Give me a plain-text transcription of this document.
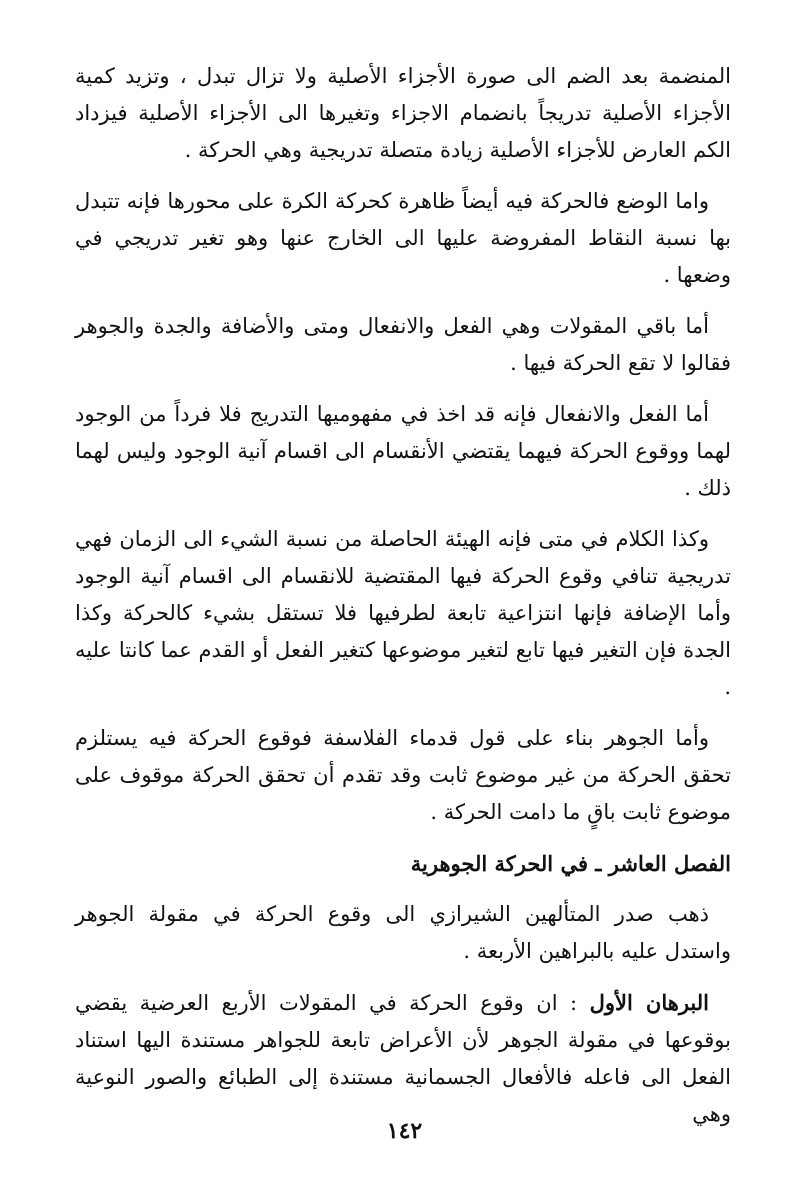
المنضمة بعد الضم الى صورة الأجزاء الأصلية ولا تزال تبدل ، وتزيد كمية الأجزاء الأصلية تدريجاً بانضمام الاجزاء وتغيرها الى الأجزاء الأصلية فيزداد الكم العارض للأجزاء الأصلية زيادة متصلة تدريجية وهي الحركة .

واما الوضع فالحركة فيه أيضاً ظاهرة كحركة الكرة على محورها فإنه تتبدل بها نسبة النقاط المفروضة عليها الى الخارج عنها وهو تغير تدريجي في وضعها .

أما باقي المقولات وهي الفعل والانفعال ومتى والأضافة والجدة والجوهر فقالوا لا تقع الحركة فيها .

أما الفعل والانفعال فإنه قد اخذ في مفهوميها التدريج فلا فرداً من الوجود لهما ووقوع الحركة فيهما يقتضي الأنقسام الى اقسام آنية الوجود وليس لهما ذلك .

وكذا الكلام في متى فإنه الهيئة الحاصلة من نسبة الشيء الى الزمان فهي تدريجية تنافي وقوع الحركة فيها المقتضية للانقسام الى اقسام آنية الوجود وأما الإضافة فإنها انتزاعية تابعة لطرفيها فلا تستقل بشيء كالحركة وكذا الجدة فإن التغير فيها تابع لتغير موضوعها كتغير الفعل أو القدم عما كانتا عليه .

وأما الجوهر بناء على قول قدماء الفلاسفة فوقوع الحركة فيه يستلزم تحقق الحركة من غير موضوع ثابت وقد تقدم أن تحقق الحركة موقوف على موضوع ثابت باقٍ ما دامت الحركة .

الفصل العاشر ـ في الحركة الجوهرية

ذهب صدر المتألهين الشيرازي الى وقوع الحركة في مقولة الجوهر واستدل عليه بالبراهين الأربعة .

البرهان الأول : ان وقوع الحركة في المقولات الأربع العرضية يقضي بوقوعها في مقولة الجوهر لأن الأعراض تابعة للجواهر مستندة اليها استناد الفعل الى فاعله فالأفعال الجسمانية مستندة إلى الطبائع والصور النوعية وهي

١٤٢
